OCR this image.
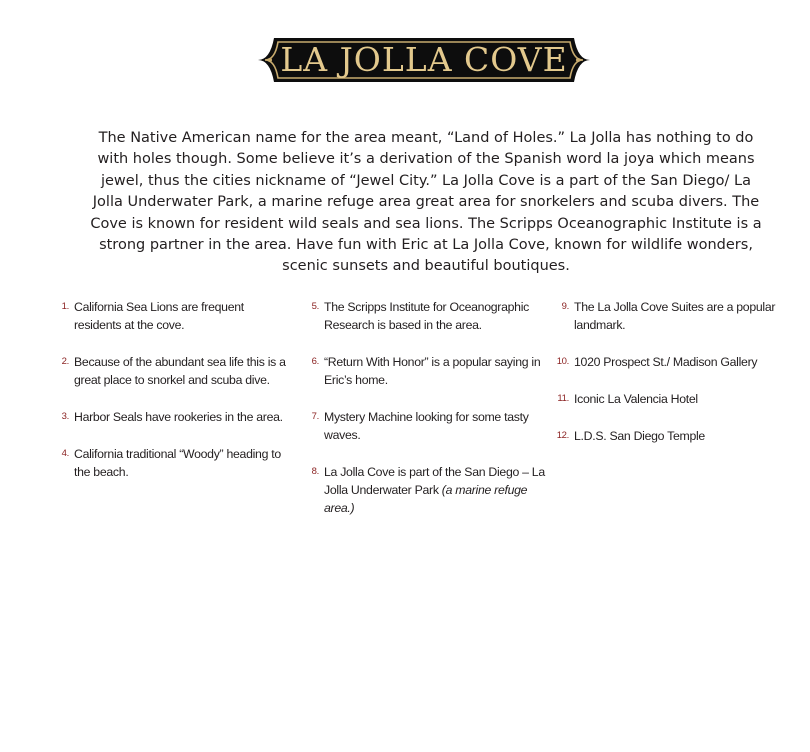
LA JOLLA COVE

The Native American name for the area meant, “Land of Holes.” La Jolla has nothing to do with holes though. Some believe it’s a derivation of the Spanish word la joya which means jewel, thus the cities nickname of “Jewel City.” La Jolla Cove is a part of the San Diego/ La Jolla Underwater Park, a marine refuge area great area for snorkelers and scuba divers. The Cove is known for resident wild seals and sea lions. The Scripps Oceanographic Institute is a strong partner in the area. Have fun with Eric at La Jolla Cove, known for wildlife wonders, scenic sunsets and beautiful boutiques.

1. California Sea Lions are frequent residents at the cove.
2. Because of the abundant sea life this is a great place to snorkel and scuba dive.
3. Harbor Seals have rookeries in the area.
4. California traditional “Woody” heading to the beach.
5. The Scripps Institute for Oceanographic Research is based in the area.
6. “Return With Honor” is a popular saying in Eric’s home.
7. Mystery Machine looking for some tasty waves.
8. La Jolla Cove is part of the San Diego – La Jolla Underwater Park (a marine refuge area.)
9. The La Jolla Cove Suites are a popular landmark.
10. 1020 Prospect St./ Madison Gallery
11. Iconic La Valencia Hotel
12. L.D.S. San Diego Temple
